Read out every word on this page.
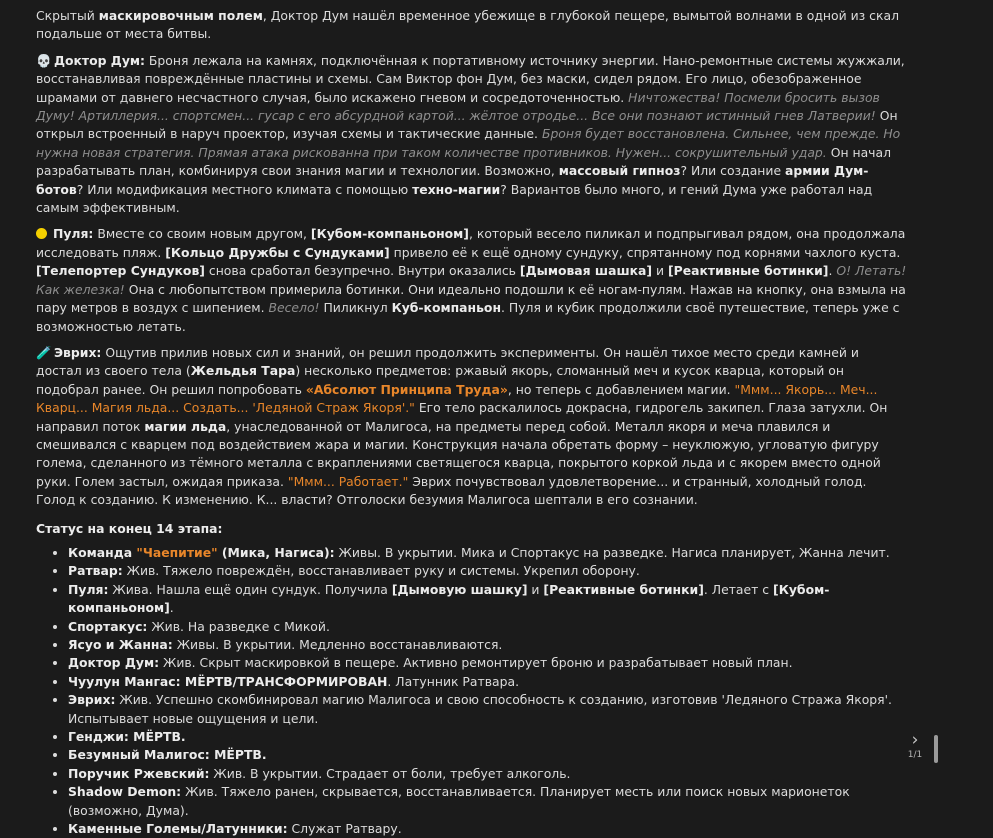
Скрытый маскировочным полем, Доктор Дум нашёл временное убежище в глубокой пещере, вымытой волнами в одной из скал подальше от места битвы.

💀 Доктор Дум: Броня лежала на камнях, подключённая к портативному источнику энергии. Нано-ремонтные системы жужжали, восстанавливая повреждённые пластины и схемы. Сам Виктор фон Дум, без маски, сидел рядом. Его лицо, обезображенное шрамами от давнего несчастного случая, было искажено гневом и сосредоточенностью. Ничтожества! Посмели бросить вызов Думу! Артиллерия... спортсмен... гусар с его абсурдной картой... жёлтое отродье... Все они познают истинный гнев Латверии! Он открыл встроенный в наруч проектор, изучая схемы и тактические данные. Броня будет восстановлена. Сильнее, чем прежде. Но нужна новая стратегия. Прямая атака рискованна при таком количестве противников. Нужен... сокрушительный удар. Он начал разрабатывать план, комбинируя свои знания магии и технологии. Возможно, массовый гипноз? Или создание армии Дум-ботов? Или модификация местного климата с помощью техно-магии? Вариантов было много, и гений Дума уже работал над самым эффективным.

Пуля: Вместе со своим новым другом, [Кубом-компаньоном], который весело пиликал и подпрыгивал рядом, она продолжала исследовать пляж. [Кольцо Дружбы с Сундуками] привело её к ещё одному сундуку, спрятанному под корнями чахлого куста. [Телепортер Сундуков] снова сработал безупречно. Внутри оказались [Дымовая шашка] и [Реактивные ботинки]. О! Летать! Как железка! Она с любопытством примерила ботинки. Они идеально подошли к её ногам-пулям. Нажав на кнопку, она взмыла на пару метров в воздух с шипением. Весело! Пиликнул Куб-компаньон. Пуля и кубик продолжили своё путешествие, теперь уже с возможностью летать.

🧪 Эврих: Ощутив прилив новых сил и знаний, он решил продолжить эксперименты. Он нашёл тихое место среди камней и достал из своего тела (Жельдья Тара) несколько предметов: ржавый якорь, сломанный меч и кусок кварца, который он подобрал ранее. Он решил попробовать «Абсолют Принципа Труда», но теперь с добавлением магии. "Ммм... Якорь... Меч... Кварц... Магия льда... Создать... 'Ледяной Страж Якоря'." Его тело раскалилось докрасна, гидрогель закипел. Глаза затухли. Он направил поток магии льда, унаследованной от Малигоса, на предметы перед собой. Металл якоря и меча плавился и смешивался с кварцем под воздействием жара и магии. Конструкция начала обретать форму – неуклюжую, угловатую фигуру голема, сделанного из тёмного металла с вкраплениями светящегося кварца, покрытого коркой льда и с якорем вместо одной руки. Голем застыл, ожидая приказа. "Ммм... Работает." Эврих почувствовал удовлетворение... и странный, холодный голод. Голод к созданию. К изменению. К... власти? Отголоски безумия Малигоса шептали в его сознании.

Статус на конец 14 этапа:
• Команда "Чаепитие" (Мика, Нагиса): Живы. В укрытии. Мика и Спортакус на разведке. Нагиса планирует, Жанна лечит.
• Ратвар: Жив. Тяжело повреждён, восстанавливает руку и системы. Укрепил оборону.
• Пуля: Жива. Нашла ещё один сундук. Получила [Дымовую шашку] и [Реактивные ботинки]. Летает с [Кубом-компаньоном].
• Спортакус: Жив. На разведке с Микой.
• Ясуо и Жанна: Живы. В укрытии. Медленно восстанавливаются.
• Доктор Дум: Жив. Скрыт маскировкой в пещере. Активно ремонтирует броню и разрабатывает новый план.
• Чуулун Мангас: МЁРТВ/ТРАНСФОРМИРОВАН. Латунник Ратвара.
• Эврих: Жив. Успешно скомбинировал магию Малигоса и свою способность к созданию, изготовив 'Ледяного Стража Якоря'. Испытывает новые ощущения и цели.
• Генджи: МЁРТВ.
• Безумный Малигос: МЁРТВ.
• Поручик Ржевский: Жив. В укрытии. Страдает от боли, требует алкоголь.
• Shadow Demon: Жив. Тяжело ранен, скрывается, восстанавливается. Планирует месть или поиск новых марионеток (возможно, Дума).
• Каменные Големы/Латунники: Служат Ратвару.
›
1/1
